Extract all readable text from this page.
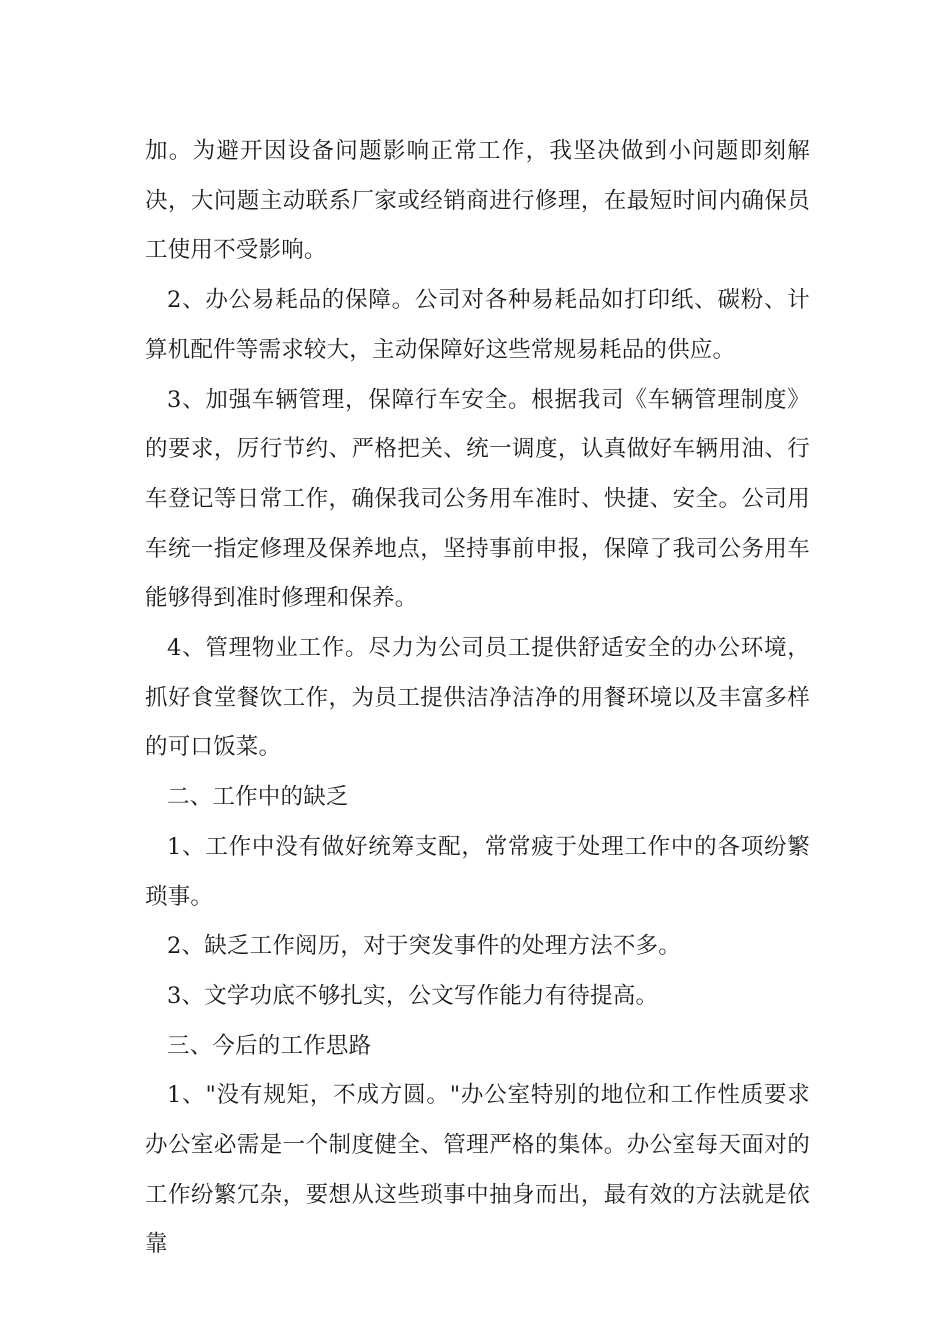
加。为避开因设备问题影响正常工作，我坚决做到小问题即刻解决，大问题主动联系厂家或经销商进行修理，在最短时间内确保员工使用不受影响。

2、办公易耗品的保障。公司对各种易耗品如打印纸、碳粉、计算机配件等需求较大，主动保障好这些常规易耗品的供应。

3、加强车辆管理，保障行车安全。根据我司《车辆管理制度》的要求，厉行节约、严格把关、统一调度，认真做好车辆用油、行车登记等日常工作，确保我司公务用车准时、快捷、安全。公司用车统一指定修理及保养地点，坚持事前申报，保障了我司公务用车能够得到准时修理和保养。

4、管理物业工作。尽力为公司员工提供舒适安全的办公环境，抓好食堂餐饮工作，为员工提供洁净洁净的用餐环境以及丰富多样的可口饭菜。

二、工作中的缺乏

1、工作中没有做好统筹支配，常常疲于处理工作中的各项纷繁琐事。

2、缺乏工作阅历，对于突发事件的处理方法不多。

3、文学功底不够扎实，公文写作能力有待提高。

三、今后的工作思路

1、"没有规矩，不成方圆。"办公室特别的地位和工作性质要求办公室必需是一个制度健全、管理严格的集体。办公室每天面对的工作纷繁冗杂，要想从这些琐事中抽身而出，最有效的方法就是依靠
